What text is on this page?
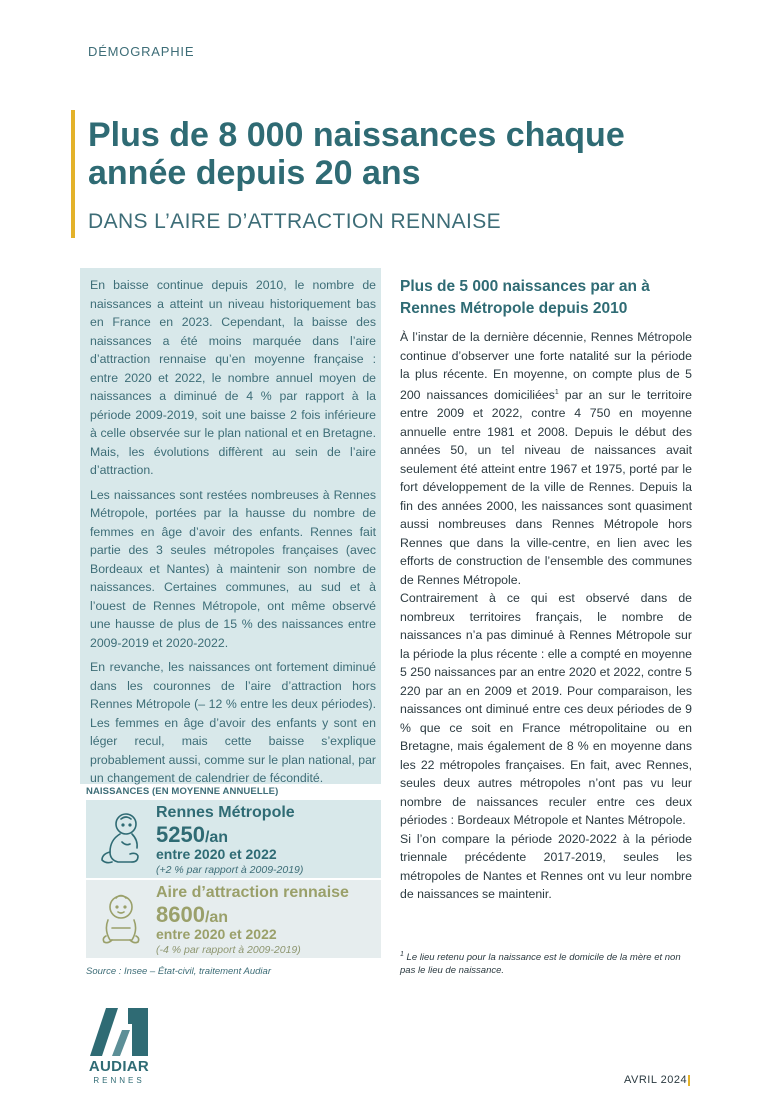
DÉMOGRAPHIE
Plus de 8 000 naissances chaque année depuis 20 ans
DANS L’AIRE D’ATTRACTION RENNAISE

En baisse continue depuis 2010, le nombre de naissances a atteint un niveau historiquement bas en France en 2023. Cependant, la baisse des naissances a été moins marquée dans l’aire d’attraction rennaise qu’en moyenne française : entre 2020 et 2022, le nombre annuel moyen de naissances a diminué de 4 % par rapport à la période 2009-2019, soit une baisse 2 fois inférieure à celle observée sur le plan national et en Bretagne. Mais, les évolutions diffèrent au sein de l’aire d’attraction.

Les naissances sont restées nombreuses à Rennes Métropole, portées par la hausse du nombre de femmes en âge d’avoir des enfants. Rennes fait partie des 3 seules métropoles françaises (avec Bordeaux et Nantes) à maintenir son nombre de naissances. Certaines communes, au sud et à l’ouest de Rennes Métropole, ont même observé une hausse de plus de 15 % des naissances entre 2009-2019 et 2020-2022.

En revanche, les naissances ont fortement diminué dans les couronnes de l’aire d’attraction hors Rennes Métropole (– 12 % entre les deux périodes). Les femmes en âge d’avoir des enfants y sont en léger recul, mais cette baisse s’explique probablement aussi, comme sur le plan national, par un changement de calendrier de fécondité.

NAISSANCES (EN MOYENNE ANNUELLE)
Rennes Métropole
5250/an
entre 2020 et 2022
(+2 % par rapport à 2009-2019)
Aire d’attraction rennaise
8600/an
entre 2020 et 2022
(-4 % par rapport à 2009-2019)
Source : Insee – État-civil, traitement Audiar
Plus de 5 000 naissances par an à Rennes Métropole depuis 2010

À l’instar de la dernière décennie, Rennes Métropole continue d’observer une forte natalité sur la période la plus récente. En moyenne, on compte plus de 5 200 naissances domiciliées$^1$ par an sur le territoire entre 2009 et 2022, contre 4 750 en moyenne annuelle entre 1981 et 2008. Depuis le début des années 50, un tel niveau de naissances avait seulement été atteint entre 1967 et 1975, porté par le fort développement de la ville de Rennes. Depuis la fin des années 2000, les naissances sont quasiment aussi nombreuses dans Rennes Métropole hors Rennes que dans la ville-centre, en lien avec les efforts de construction de l’ensemble des communes de Rennes Métropole.

Contrairement à ce qui est observé dans de nombreux territoires français, le nombre de naissances n’a pas diminué à Rennes Métropole sur la période la plus récente : elle a compté en moyenne 5 250 naissances par an entre 2020 et 2022, contre 5 220 par an en 2009 et 2019. Pour comparaison, les naissances ont diminué entre ces deux périodes de 9 % que ce soit en France métropolitaine ou en Bretagne, mais également de 8 % en moyenne dans les 22 métropoles françaises. En fait, avec Rennes, seules deux autres métropoles n’ont pas vu leur nombre de naissances reculer entre ces deux périodes : Bordeaux Métropole et Nantes Métropole.

Si l’on compare la période 2020-2022 à la période triennale précédente 2017-2019, seules les métropoles de Nantes et Rennes ont vu leur nombre de naissances se maintenir.

$^1$ Le lieu retenu pour la naissance est le domicile de la mère et non pas le lieu de naissance.
AUDIAR
RENNES	AVRIL 2024
